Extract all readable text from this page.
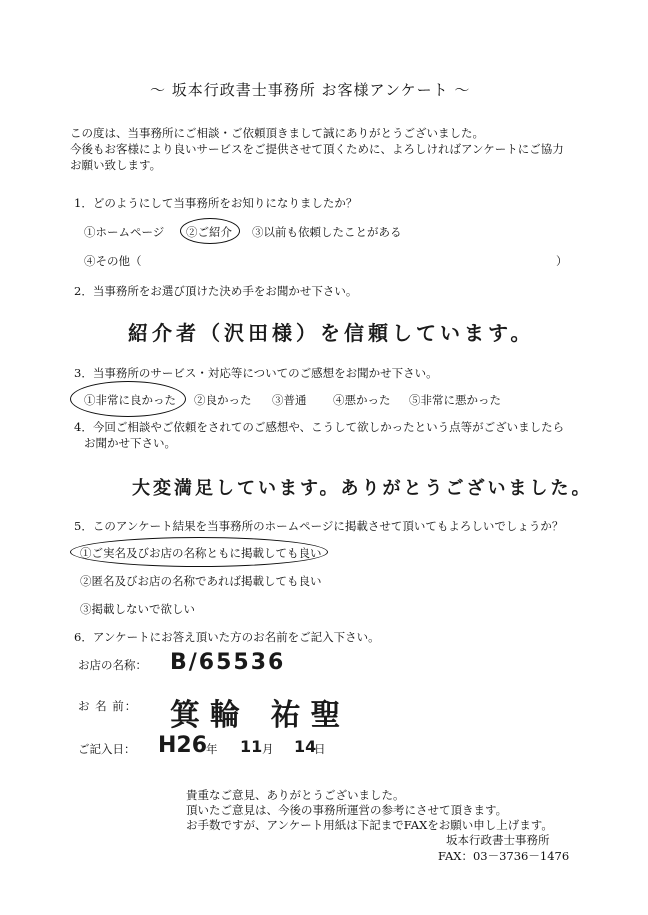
～ 坂本行政書士事務所 お客様アンケート ～
この度は、当事務所にご相談・ご依頼頂きまして誠にありがとうございました。
今後もお客様により良いサービスをご提供させて頂くために、よろしければアンケートにご協力
お願い致します。
1．どのようにして当事務所をお知りになりましたか？
①ホームページ ②ご紹介 ③以前も依頼したことがある
④その他（	）
2．当事務所をお選び頂けた決め手をお聞かせ下さい。
紹介者（沢田様）を信頼しています。
3．当事務所のサービス・対応等についてのご感想をお聞かせ下さい。
①非常に良かった ②良かった ③普通 ④悪かった ⑤非常に悪かった
4．今回ご相談やご依頼をされてのご感想や、こうして欲しかったという点等がございましたら
お聞かせ下さい。
大変満足しています。ありがとうございました。
5．このアンケート結果を当事務所のホームページに掲載させて頂いてもよろしいでしょうか？
①ご実名及びお店の名称ともに掲載しても良い
②匿名及びお店の名称であれば掲載しても良い
③掲載しないで欲しい
6．アンケートにお答え頂いた方のお名前をご記入下さい。
お店の名称： B/65536
お 名 前： 箕輪 祐聖
ご記入日： H26
年 11 月 14
日
貴重なご意見、ありがとうございました。
頂いたご意見は、今後の事務所運営の参考にさせて頂きます。
お手数ですが、アンケート用紙は下記までFAXをお願い申し上げます。
坂本行政書士事務所
FAX：03－3736－1476
